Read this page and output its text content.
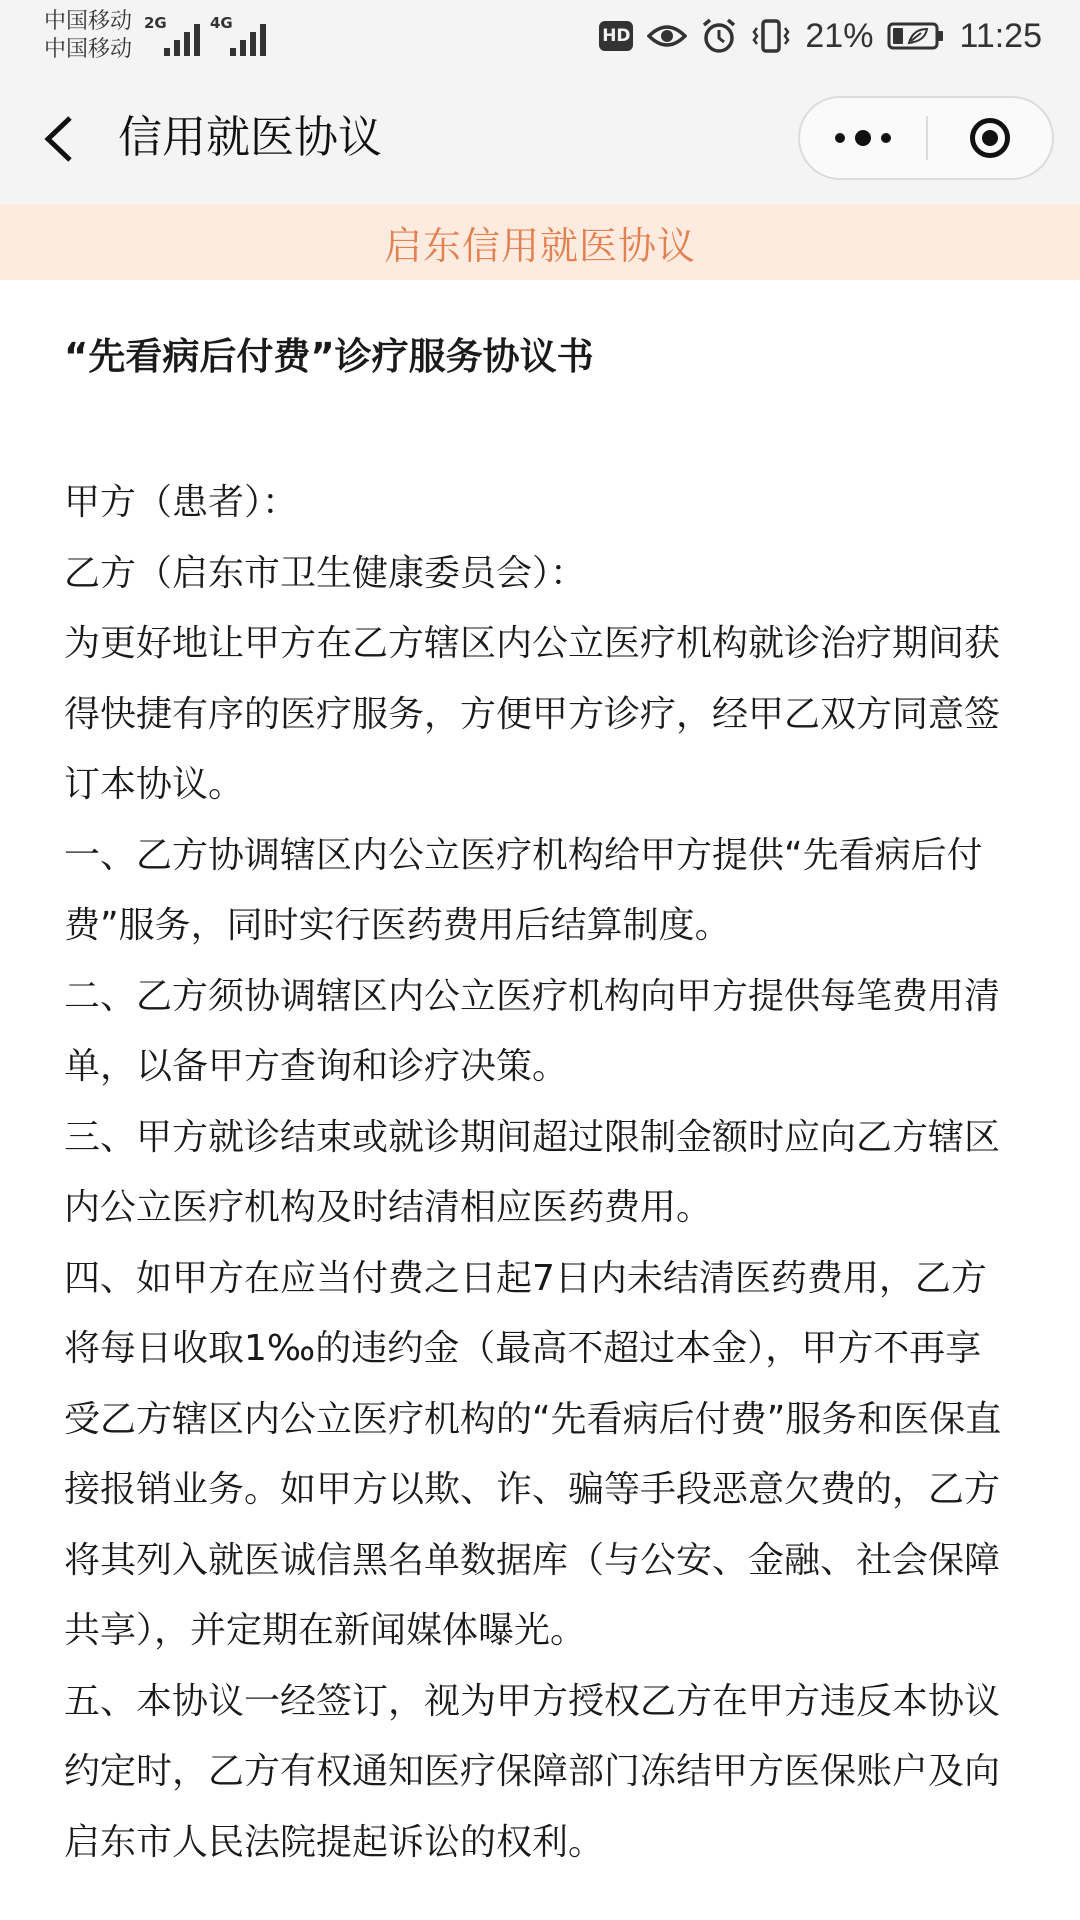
中国移动
中国移动
2G	4G
HD	21%	11:25
信用就医协议
启东信用就医协议
“先看病后付费”诊疗服务协议书

甲方（患者）：

乙方（启东市卫生健康委员会）：

为更好地让甲方在乙方辖区内公立医疗机构就诊治疗期间获得快捷有序的医疗服务，方便甲方诊疗，经甲乙双方同意签订本协议。

一、乙方协调辖区内公立医疗机构给甲方提供“先看病后付费”服务，同时实行医药费用后结算制度。

二、乙方须协调辖区内公立医疗机构向甲方提供每笔费用清单，以备甲方查询和诊疗决策。

三、甲方就诊结束或就诊期间超过限制金额时应向乙方辖区内公立医疗机构及时结清相应医药费用。

四、如甲方在应当付费之日起7日内未结清医药费用，乙方将每日收取1‰的违约金（最高不超过本金），甲方不再享受乙方辖区内公立医疗机构的“先看病后付费”服务和医保直接报销业务。如甲方以欺、诈、骗等手段恶意欠费的，乙方将其列入就医诚信黑名单数据库（与公安、金融、社会保障共享），并定期在新闻媒体曝光。

五、本协议一经签订，视为甲方授权乙方在甲方违反本协议约定时，乙方有权通知医疗保障部门冻结甲方医保账户及向启东市人民法院提起诉讼的权利。
